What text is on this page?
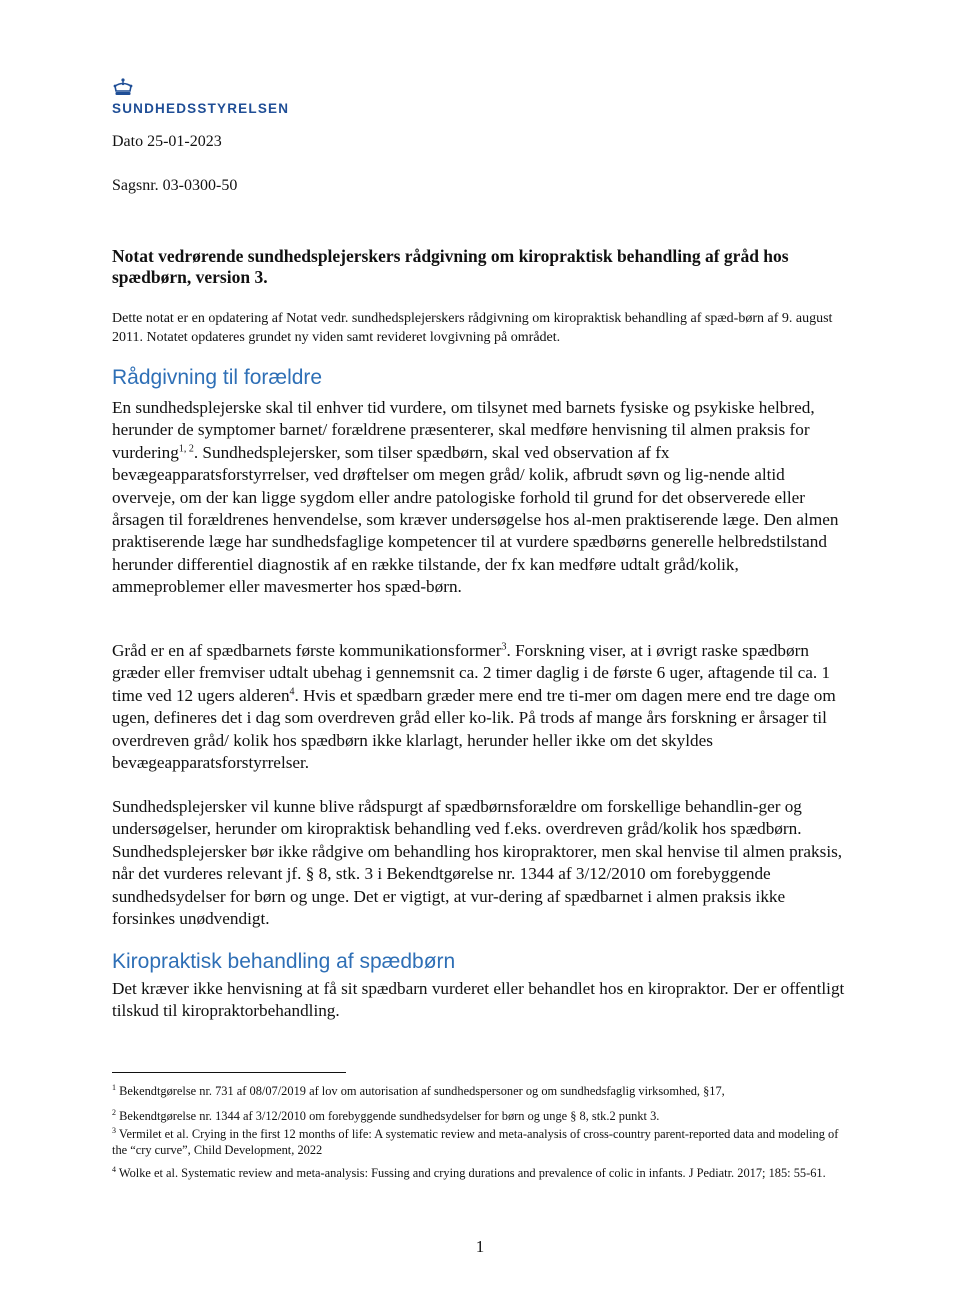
SUNDHEDSSTYRELSEN
Dato 25-01-2023
Sagsnr. 03-0300-50
Notat vedrørende sundhedsplejerskers rådgivning om kiropraktisk behandling af gråd hos spædbørn, version 3.

Dette notat er en opdatering af Notat vedr. sundhedsplejerskers rådgivning om kiropraktisk behandling af spæd-børn af 9. august 2011. Notatet opdateres grundet ny viden samt revideret lovgivning på området.

Rådgivning til forældre

En sundhedsplejerske skal til enhver tid vurdere, om tilsynet med barnets fysiske og psykiske helbred, herunder de symptomer barnet/ forældrene præsenterer, skal medføre henvisning til almen praksis for vurdering$^{1, 2}$. Sundhedsplejersker, som tilser spædbørn, skal ved observation af fx bevægeapparatsforstyrrelser, ved drøftelser om megen gråd/ kolik, afbrudt søvn og lig-nende altid overveje, om der kan ligge sygdom eller andre patologiske forhold til grund for det observerede eller årsagen til forældrenes henvendelse, som kræver undersøgelse hos al-men praktiserende læge. Den almen praktiserende læge har sundhedsfaglige kompetencer til at vurdere spædbørns generelle helbredstilstand herunder differentiel diagnostik af en række tilstande, der fx kan medføre udtalt gråd/kolik, ammeproblemer eller mavesmerter hos spæd-børn.

Gråd er en af spædbarnets første kommunikationsformer$^3$. Forskning viser, at i øvrigt raske spædbørn græder eller fremviser udtalt ubehag i gennemsnit ca. 2 timer daglig i de første 6 uger, aftagende til ca. 1 time ved 12 ugers alderen$^4$. Hvis et spædbarn græder mere end tre ti-mer om dagen mere end tre dage om ugen, defineres det i dag som overdreven gråd eller ko-lik. På trods af mange års forskning er årsager til overdreven gråd/ kolik hos spædbørn ikke klarlagt, herunder heller ikke om det skyldes bevægeapparatsforstyrrelser.

Sundhedsplejersker vil kunne blive rådspurgt af spædbørnsforældre om forskellige behandlin-ger og undersøgelser, herunder om kiropraktisk behandling ved f.eks. overdreven gråd/kolik hos spædbørn. Sundhedsplejersker bør ikke rådgive om behandling hos kiropraktorer, men skal henvise til almen praksis, når det vurderes relevant jf. § 8, stk. 3 i Bekendtgørelse nr. 1344 af 3/12/2010 om forebyggende sundhedsydelser for børn og unge. Det er vigtigt, at vur-dering af spædbarnet i almen praksis ikke forsinkes unødvendigt.

Kiropraktisk behandling af spædbørn

Det kræver ikke henvisning at få sit spædbarn vurderet eller behandlet hos en kiropraktor. Der er offentligt tilskud til kiropraktorbehandling.

$^1$ Bekendtgørelse nr. 731 af 08/07/2019 af lov om autorisation af sundhedspersoner og om sundhedsfaglig virksomhed, §17,

$^2$ Bekendtgørelse nr. 1344 af 3/12/2010 om forebyggende sundhedsydelser for børn og unge § 8, stk.2 punkt 3.

$^3$ Vermilet et al. Crying in the first 12 months of life: A systematic review and meta-analysis of cross-country parent-reported data and modeling of the “cry curve”, Child Development, 2022

$^4$ Wolke et al. Systematic review and meta-analysis: Fussing and crying durations and prevalence of colic in infants. J Pediatr. 2017; 185: 55-61.

1
